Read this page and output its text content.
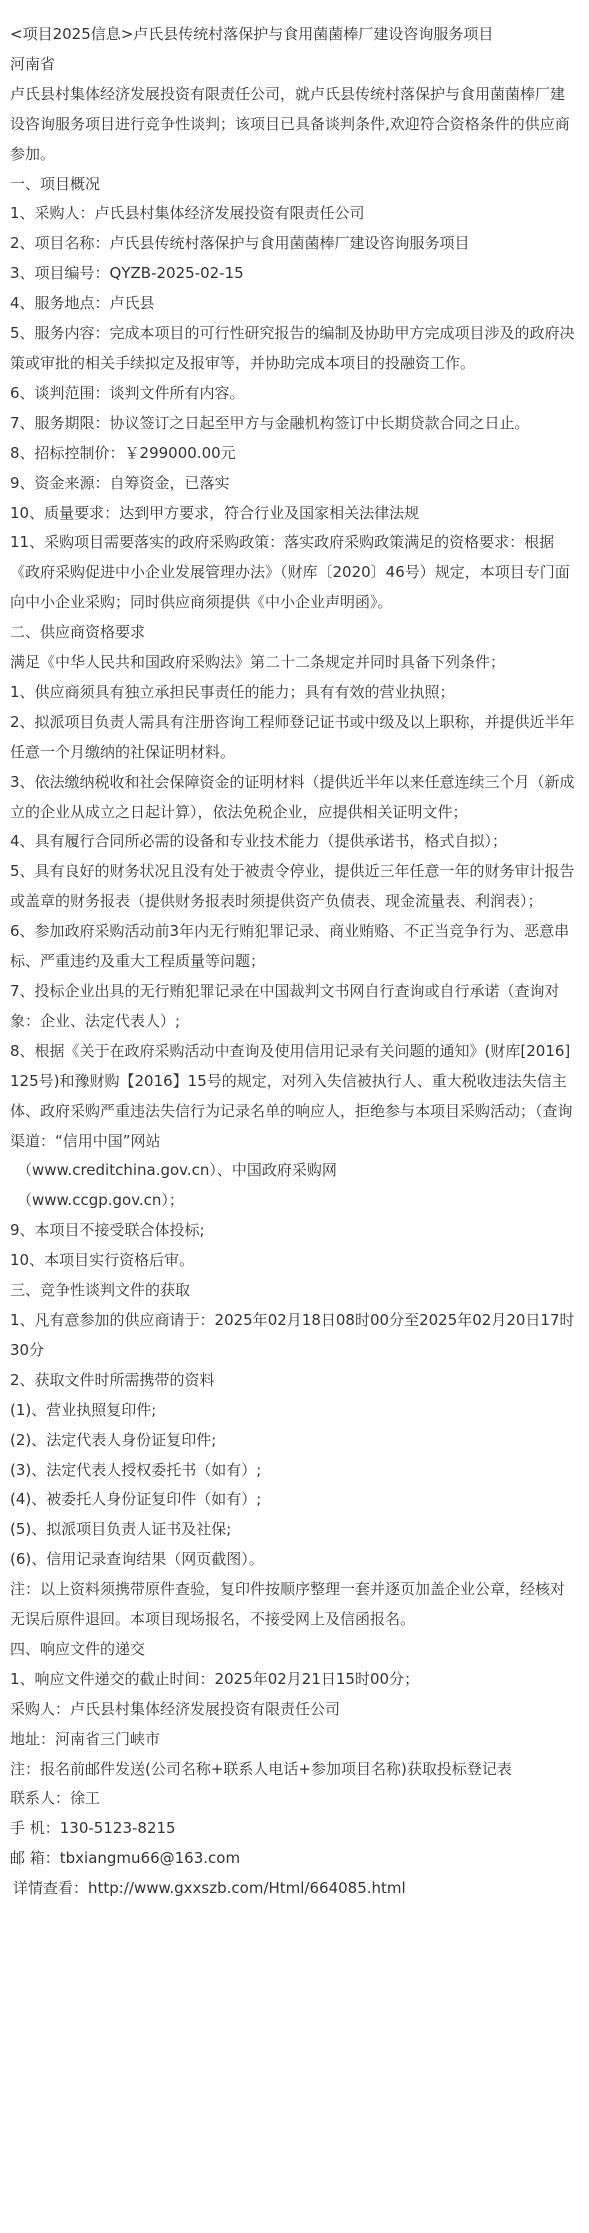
<项目2025信息>卢氏县传统村落保护与食用菌菌棒厂建设咨询服务项目

河南省

卢氏县村集体经济发展投资有限责任公司，就卢氏县传统村落保护与食用菌菌棒厂建设咨询服务项目进行竞争性谈判；该项目已具备谈判条件,欢迎符合资格条件的供应商参加。

一、项目概况

1、采购人：卢氏县村集体经济发展投资有限责任公司

2、项目名称：卢氏县传统村落保护与食用菌菌棒厂建设咨询服务项目

3、项目编号：QYZB-2025-02-15

4、服务地点：卢氏县

5、服务内容：完成本项目的可行性研究报告的编制及协助甲方完成项目涉及的政府决策或审批的相关手续拟定及报审等，并协助完成本项目的投融资工作。

6、谈判范围：谈判文件所有内容。

7、服务期限：协议签订之日起至甲方与金融机构签订中长期贷款合同之日止。

8、招标控制价：￥299000.00元

9、资金来源：自筹资金，已落实

10、质量要求：达到甲方要求，符合行业及国家相关法律法规

11、采购项目需要落实的政府采购政策：落实政府采购政策满足的资格要求：根据《政府采购促进中小企业发展管理办法》（财库〔2020〕46号）规定，本项目专门面向中小企业采购；同时供应商须提供《中小企业声明函》。

二、供应商资格要求

满足《中华人民共和国政府采购法》第二十二条规定并同时具备下列条件；

1、供应商须具有独立承担民事责任的能力；具有有效的营业执照；

2、拟派项目负责人需具有注册咨询工程师登记证书或中级及以上职称，并提供近半年任意一个月缴纳的社保证明材料。

3、依法缴纳税收和社会保障资金的证明材料（提供近半年以来任意连续三个月（新成立的企业从成立之日起计算），依法免税企业，应提供相关证明文件；

4、具有履行合同所必需的设备和专业技术能力（提供承诺书，格式自拟）；

5、具有良好的财务状况且没有处于被责令停业，提供近三年任意一年的财务审计报告或盖章的财务报表（提供财务报表时须提供资产负债表、现金流量表、利润表）；

6、参加政府采购活动前3年内无行贿犯罪记录、商业贿赂、不正当竞争行为、恶意串标、严重违约及重大工程质量等问题；

7、投标企业出具的无行贿犯罪记录在中国裁判文书网自行查询或自行承诺（查询对象：企业、法定代表人）;

8、根据《关于在政府采购活动中查询及使用信用记录有关问题的通知》(财库[2016]125号)和豫财购【2016】15号的规定，对列入失信被执行人、重大税收违法失信主体、政府采购严重违法失信行为记录名单的响应人，拒绝参与本项目采购活动；（查询渠道：“信用中国”网站

（www.creditchina.gov.cn）、中国政府采购网

（www.ccgp.gov.cn）；

9、本项目不接受联合体投标;

10、本项目实行资格后审。

三、竞争性谈判文件的获取

1、凡有意参加的供应商请于：2025年02月18日08时00分至2025年02月20日17时30分

2、获取文件时所需携带的资料

(1)、营业执照复印件;

(2)、法定代表人身份证复印件;

(3)、法定代表人授权委托书（如有）;

(4)、被委托人身份证复印件（如有）;

(5)、拟派项目负责人证书及社保;

(6)、信用记录查询结果（网页截图）。

注：以上资料须携带原件查验，复印件按顺序整理一套并逐页加盖企业公章，经核对无误后原件退回。本项目现场报名，不接受网上及信函报名。

四、响应文件的递交

1、响应文件递交的截止时间：2025年02月21日15时00分；

采购人：卢氏县村集体经济发展投资有限责任公司

地址：河南省三门峡市

注：报名前邮件发送(公司名称+联系人电话+参加项目名称)获取投标登记表

联系人：徐工

手 机：130-5123-8215

邮 箱：tbxiangmu66@163.com

详情查看：http://www.gxxszb.com/Html/664085.html
